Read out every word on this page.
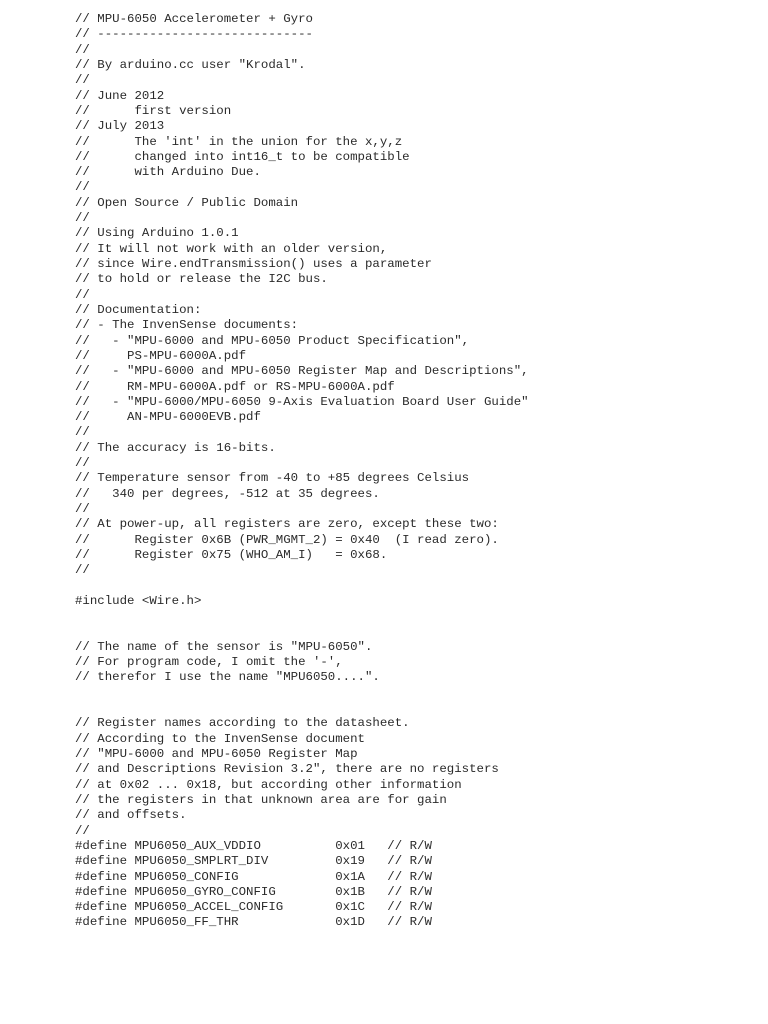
// MPU-6050 Accelerometer + Gyro
// -----------------------------
//
// By arduino.cc user "Krodal".
//
// June 2012
//      first version
// July 2013
//      The 'int' in the union for the x,y,z
//      changed into int16_t to be compatible
//      with Arduino Due.
//
// Open Source / Public Domain
//
// Using Arduino 1.0.1
// It will not work with an older version,
// since Wire.endTransmission() uses a parameter
// to hold or release the I2C bus.
//
// Documentation:
// - The InvenSense documents:
//   - "MPU-6000 and MPU-6050 Product Specification",
//     PS-MPU-6000A.pdf
//   - "MPU-6000 and MPU-6050 Register Map and Descriptions",
//     RM-MPU-6000A.pdf or RS-MPU-6000A.pdf
//   - "MPU-6000/MPU-6050 9-Axis Evaluation Board User Guide"
//     AN-MPU-6000EVB.pdf
//
// The accuracy is 16-bits.
//
// Temperature sensor from -40 to +85 degrees Celsius
//   340 per degrees, -512 at 35 degrees.
//
// At power-up, all registers are zero, except these two:
//      Register 0x6B (PWR_MGMT_2) = 0x40  (I read zero).
//      Register 0x75 (WHO_AM_I)   = 0x68.
//
#include <Wire.h>
// The name of the sensor is "MPU-6050".
// For program code, I omit the '-',
// therefor I use the name "MPU6050....".
// Register names according to the datasheet.
// According to the InvenSense document
// "MPU-6000 and MPU-6050 Register Map
// and Descriptions Revision 3.2", there are no registers
// at 0x02 ... 0x18, but according other information
// the registers in that unknown area are for gain
// and offsets.
//
#define MPU6050_AUX_VDDIO          0x01   // R/W
#define MPU6050_SMPLRT_DIV         0x19   // R/W
#define MPU6050_CONFIG             0x1A   // R/W
#define MPU6050_GYRO_CONFIG        0x1B   // R/W
#define MPU6050_ACCEL_CONFIG       0x1C   // R/W
#define MPU6050_FF_THR             0x1D   // R/W
